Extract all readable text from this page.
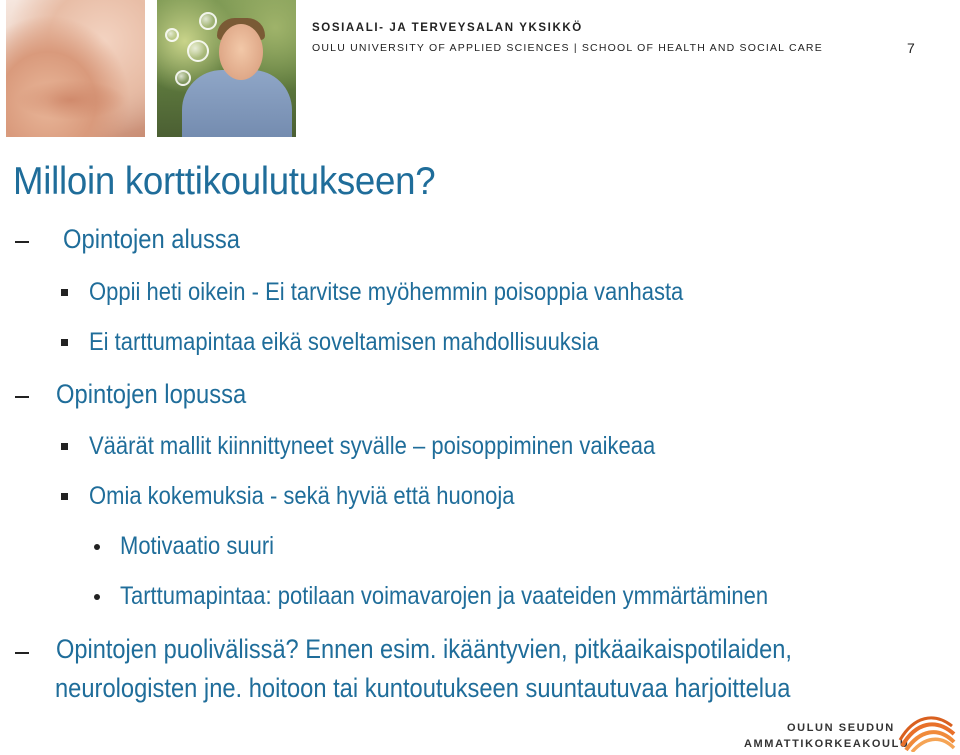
SOSIAALI- JA TERVEYSALAN YKSIKKÖ
OULU UNIVERSITY OF APPLIED SCIENCES | SCHOOL OF HEALTH AND SOCIAL CARE	7
Milloin korttikoulutukseen?
Opintojen alussa
Oppii heti oikein - Ei tarvitse myöhemmin poisoppia vanhasta
Ei tarttumapintaa eikä soveltamisen mahdollisuuksia
Opintojen lopussa
Väärät mallit kiinnittyneet syvälle – poisoppiminen vaikeaa
Omia kokemuksia - sekä hyviä että huonoja
Motivaatio suuri
Tarttumapintaa: potilaan voimavarojen ja vaateiden ymmärtäminen
Opintojen puolivälissä? Ennen esim. ikääntyvien, pitkäaikaispotilaiden,
neurologisten jne. hoitoon tai kuntoutukseen suuntautuvaa harjoittelua
OULUN SEUDUN
AMMATTIKORKEAKOULU
